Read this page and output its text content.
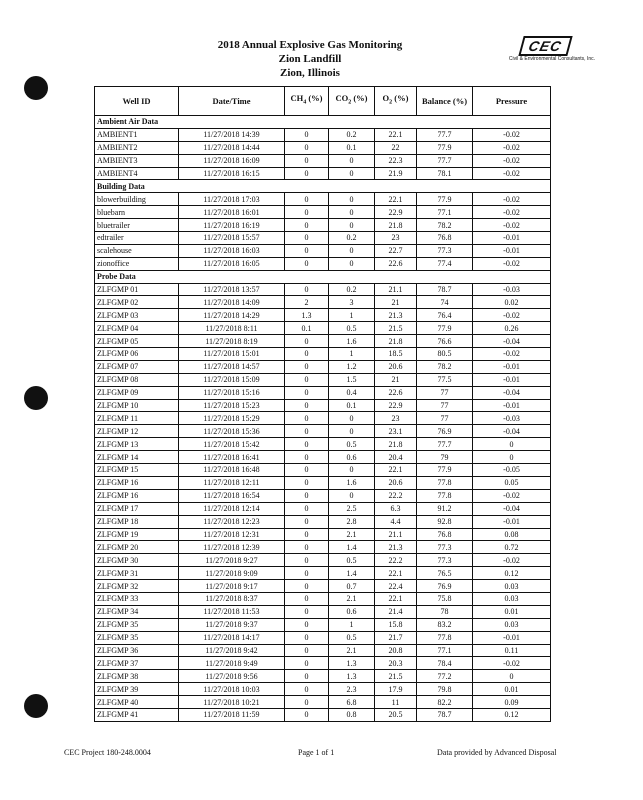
2018 Annual Explosive Gas Monitoring
Zion Landfill
Zion, Illinois
CEC
Civil & Environmental Consultants, Inc.
Well ID	Date/Time	$CH_4$ (%)	$CO_2$ (%)	$O_2$ (%)	Balance (%)	Pressure
Ambient Air Data						
AMBIENT1	11/27/2018 14:39	0	0.2	22.1	77.7	-0.02
AMBIENT2	11/27/2018 14:44	0	0.1	22	77.9	-0.02
AMBIENT3	11/27/2018 16:09	0	0	22.3	77.7	-0.02
AMBIENT4	11/27/2018 16:15	0	0	21.9	78.1	-0.02
Building Data						
blowerbuilding	11/27/2018 17:03	0	0	22.1	77.9	-0.02
bluebarn	11/27/2018 16:01	0	0	22.9	77.1	-0.02
bluetrailer	11/27/2018 16:19	0	0	21.8	78.2	-0.02
edtrailer	11/27/2018 15:57	0	0.2	23	76.8	-0.01
scalehouse	11/27/2018 16:03	0	0	22.7	77.3	-0.01
zionoffice	11/27/2018 16:05	0	0	22.6	77.4	-0.02
Probe Data						
ZLFGMP 01	11/27/2018 13:57	0	0.2	21.1	78.7	-0.03
ZLFGMP 02	11/27/2018 14:09	2	3	21	74	0.02
ZLFGMP 03	11/27/2018 14:29	1.3	1	21.3	76.4	-0.02
ZLFGMP 04	11/27/2018 8:11	0.1	0.5	21.5	77.9	0.26
ZLFGMP 05	11/27/2018 8:19	0	1.6	21.8	76.6	-0.04
ZLFGMP 06	11/27/2018 15:01	0	1	18.5	80.5	-0.02
ZLFGMP 07	11/27/2018 14:57	0	1.2	20.6	78.2	-0.01
ZLFGMP 08	11/27/2018 15:09	0	1.5	21	77.5	-0.01
ZLFGMP 09	11/27/2018 15:16	0	0.4	22.6	77	-0.04
ZLFGMP 10	11/27/2018 15:23	0	0.1	22.9	77	-0.01
ZLFGMP 11	11/27/2018 15:29	0	0	23	77	-0.03
ZLFGMP 12	11/27/2018 15:36	0	0	23.1	76.9	-0.04
ZLFGMP 13	11/27/2018 15:42	0	0.5	21.8	77.7	0
ZLFGMP 14	11/27/2018 16:41	0	0.6	20.4	79	0
ZLFGMP 15	11/27/2018 16:48	0	0	22.1	77.9	-0.05
ZLFGMP 16	11/27/2018 12:11	0	1.6	20.6	77.8	0.05
ZLFGMP 16	11/27/2018 16:54	0	0	22.2	77.8	-0.02
ZLFGMP 17	11/27/2018 12:14	0	2.5	6.3	91.2	-0.04
ZLFGMP 18	11/27/2018 12:23	0	2.8	4.4	92.8	-0.01
ZLFGMP 19	11/27/2018 12:31	0	2.1	21.1	76.8	0.08
ZLFGMP 20	11/27/2018 12:39	0	1.4	21.3	77.3	0.72
ZLFGMP 30	11/27/2018 9:27	0	0.5	22.2	77.3	-0.02
ZLFGMP 31	11/27/2018 9:09	0	1.4	22.1	76.5	0.12
ZLFGMP 32	11/27/2018 9:17	0	0.7	22.4	76.9	0.03
ZLFGMP 33	11/27/2018 8:37	0	2.1	22.1	75.8	0.03
ZLFGMP 34	11/27/2018 11:53	0	0.6	21.4	78	0.01
ZLFGMP 35	11/27/2018 9:37	0	1	15.8	83.2	0.03
ZLFGMP 35	11/27/2018 14:17	0	0.5	21.7	77.8	-0.01
ZLFGMP 36	11/27/2018 9:42	0	2.1	20.8	77.1	0.11
ZLFGMP 37	11/27/2018 9:49	0	1.3	20.3	78.4	-0.02
ZLFGMP 38	11/27/2018 9:56	0	1.3	21.5	77.2	0
ZLFGMP 39	11/27/2018 10:03	0	2.3	17.9	79.8	0.01
ZLFGMP 40	11/27/2018 10:21	0	6.8	11	82.2	0.09
ZLFGMP 41	11/27/2018 11:59	0	0.8	20.5	78.7	0.12
CEC Project 180-248.0004	Page 1 of 1	Data provided by Advanced Disposal
